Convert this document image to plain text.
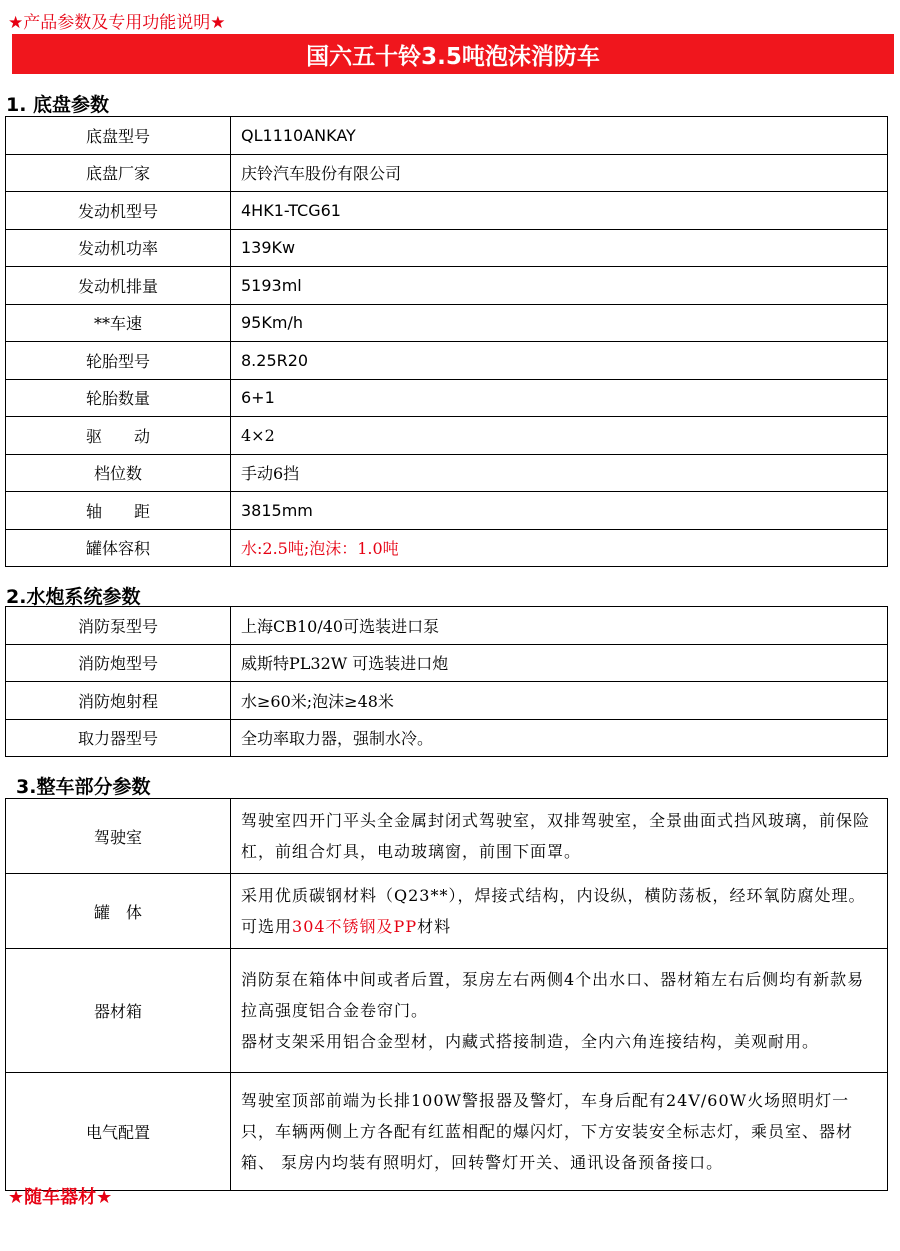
★产品参数及专用功能说明★
国六五十铃3.5吨泡沫消防车
1. 底盘参数
底盘型号	QL1110ANKAY
底盘厂家	庆铃汽车股份有限公司
发动机型号	4HK1-TCG61
发动机功率	139Kw
发动机排量	5193ml
**车速	95Km/h
轮胎型号	8.25R20
轮胎数量	6+1
驱　　动	4×2
档位数	手动6挡
轴　　距	3815mm
罐体容积	水:2.5吨;泡沫：1.0吨
2.水炮系统参数
消防泵型号	上海CB10/40可选装进口泵
消防炮型号	威斯特PL32W 可选装进口炮
消防炮射程	水≥60米;泡沫≥48米
取力器型号	全功率取力器，强制水冷。
3.整车部分参数
驾驶室	驾驶室四开门平头全金属封闭式驾驶室，双排驾驶室，全景曲面式挡风玻璃，前保险杠，前组合灯具，电动玻璃窗，前围下面罩。
罐　体	采用优质碳钢材料（Q23**），焊接式结构，内设纵，横防荡板，经环氧防腐处理。可选用304不锈钢及PP材料
器材箱	消防泵在箱体中间或者后置，泵房左右两侧4个出水口、器材箱左右后侧均有新款易拉高强度铝合金卷帘门。
器材支架采用铝合金型材，内藏式搭接制造，全内六角连接结构，美观耐用。

电气配置	驾驶室顶部前端为长排100W警报器及警灯，车身后配有24V/60W火场照明灯一只，车辆两侧上方各配有红蓝相配的爆闪灯，下方安装安全标志灯，乘员室、器材箱、 泵房内均装有照明灯，回转警灯开关、通讯设备预备接口。
★随车器材★
